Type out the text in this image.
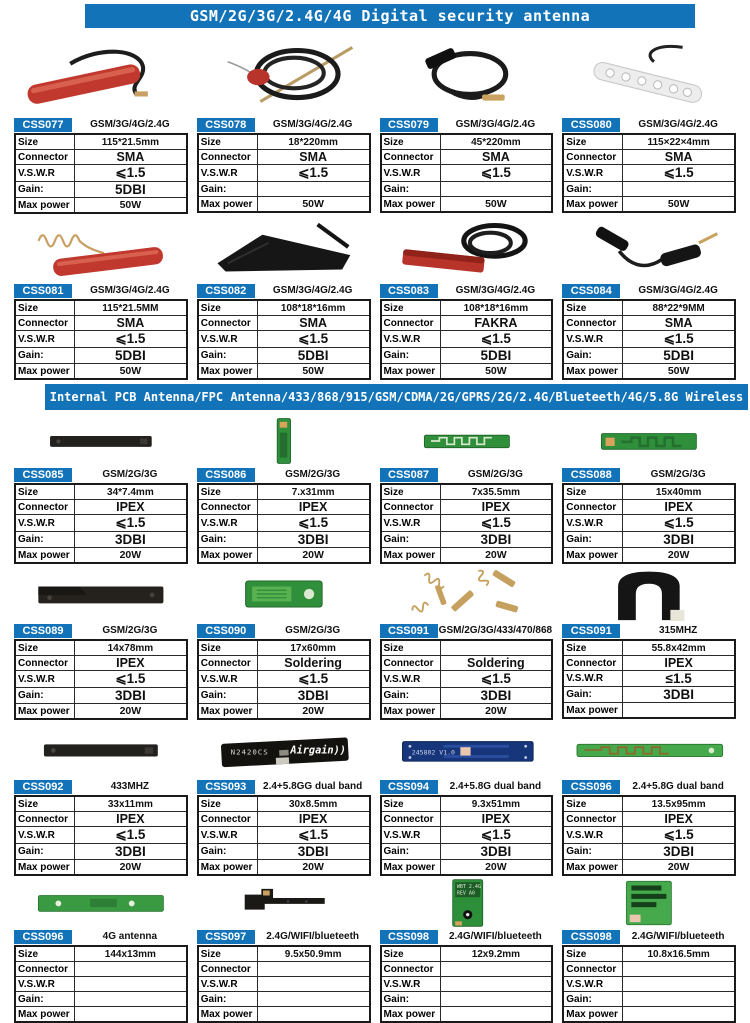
GSM/2G/3G/2.4G/4G Digital security antenna
CSS077	GSM/3G/4G/2.4G
Size	115*21.5mm
Connector	SMA
V.S.W.R	⩽1.5
Gain:	5DBI
Max power	50W
CSS078	GSM/3G/4G/2.4G
Size	18*220mm
Connector	SMA
V.S.W.R	⩽1.5
Gain:	
Max power	50W
CSS079	GSM/3G/4G/2.4G
Size	45*220mm
Connector	SMA
V.S.W.R	⩽1.5
Gain:	
Max power	50W
CSS080	GSM/3G/4G/2.4G
Size	115×22×4mm
Connector	SMA
V.S.W.R	⩽1.5
Gain:	
Max power	50W
CSS081	GSM/3G/4G/2.4G
Size	115*21.5MM
Connector	SMA
V.S.W.R	⩽1.5
Gain:	5DBI
Max power	50W
CSS082	GSM/3G/4G/2.4G
Size	108*18*16mm
Connector	SMA
V.S.W.R	⩽1.5
Gain:	5DBI
Max power	50W
CSS083	GSM/3G/4G/2.4G
Size	108*18*16mm
Connector	FAKRA
V.S.W.R	⩽1.5
Gain:	5DBI
Max power	50W
CSS084	GSM/3G/4G/2.4G
Size	88*22*9MM
Connector	SMA
V.S.W.R	⩽1.5
Gain:	5DBI
Max power	50W
Internal PCB Antenna/FPC Antenna/433/868/915/GSM/CDMA/2G/GPRS/2G/2.4G/Blueteeth/4G/5.8G Wireless transmission
CSS085	GSM/2G/3G
Size	34*7.4mm
Connector	IPEX
V.S.W.R	⩽1.5
Gain:	3DBI
Max power	20W
CSS086	GSM/2G/3G
Size	7.x31mm
Connector	IPEX
V.S.W.R	⩽1.5
Gain:	3DBI
Max power	20W
CSS087	GSM/2G/3G
Size	7x35.5mm
Connector	IPEX
V.S.W.R	⩽1.5
Gain:	3DBI
Max power	20W
CSS088	GSM/2G/3G
Size	15x40mm
Connector	IPEX
V.S.W.R	⩽1.5
Gain:	3DBI
Max power	20W
CSS089	GSM/2G/3G
Size	14x78mm
Connector	IPEX
V.S.W.R	⩽1.5
Gain:	3DBI
Max power	20W
CSS090	GSM/2G/3G
Size	17x60mm
Connector	Soldering
V.S.W.R	⩽1.5
Gain:	3DBI
Max power	20W
CSS091 GSM/2G/3G/433/470/868
Size	
Connector	Soldering
V.S.W.R	⩽1.5
Gain:	3DBI
Max power	20W
CSS091	315MHZ
Size	55.8x42mm
Connector	IPEX
V.S.W.R	≤1.5
Gain:	3DBI
Max power	
CSS092	433MHZ
Size	33x11mm
Connector	IPEX
V.S.W.R	⩽1.5
Gain:	3DBI
Max power	20W
N2420CS Airgain))
CSS093	2.4+5.8GG dual band
Size	30x8.5mm
Connector	IPEX
V.S.W.R	⩽1.5
Gain:	3DBI
Max power	20W
245802 V1.0
CSS094	2.4+5.8G dual band
Size	9.3x51mm
Connector	IPEX
V.S.W.R	⩽1.5
Gain:	3DBI
Max power	20W
CSS096	2.4+5.8G dual band
Size	13.5x95mm
Connector	IPEX
V.S.W.R	⩽1.5
Gain:	3DBI
Max power	20W
CSS096	4G antenna
Size	144x13mm
Connector	
V.S.W.R	
Gain:	
Max power	
CSS097	2.4G/WIFI/blueteeth
Size	9.5x50.9mm
Connector	
V.S.W.R	
Gain:	
Max power	
WBT 2.4G
REV A0
CSS098	2.4G/WIFI/blueteeth
Size	12x9.2mm
Connector	
V.S.W.R	
Gain:	
Max power	
CSS098	2.4G/WIFI/blueteeth
Size	10.8x16.5mm
Connector	
V.S.W.R	
Gain:	
Max power	
